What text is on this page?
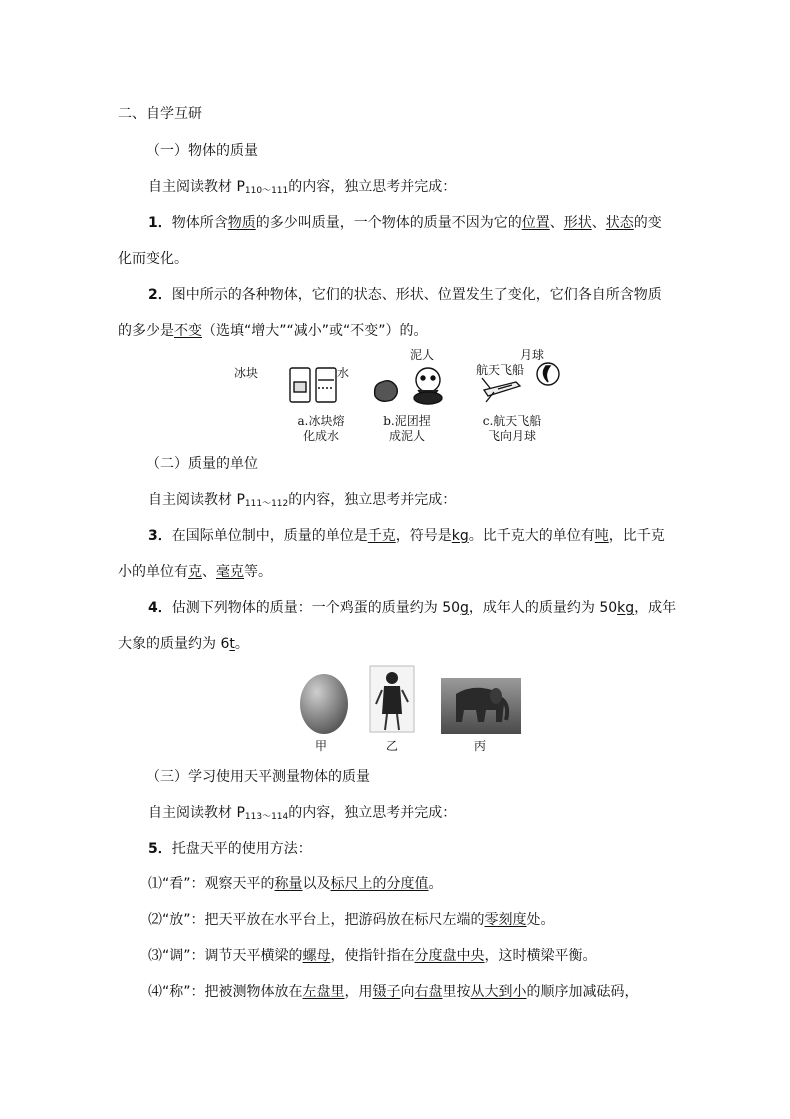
二、自学互研
（一）物体的质量
自主阅读教材 $P_{110\sim 111}$的内容，独立思考并完成：
1．物体所含物质的多少叫质量，一个物体的质量不因为它的位置、形状、状态的变
化而变化。
2．图中所示的各种物体，它们的状态、形状、位置发生了变化，它们各自所含物质
的多少是不变（选填“增大”“减小”或“不变”）的。
冰块	水
泥人	月球
航天飞船
a.冰块熔
化成水
b.泥团捏
成泥人
c.航天飞船
飞向月球
（二）质量的单位
自主阅读教材 $P_{111\sim 112}$的内容，独立思考并完成：
3．在国际单位制中，质量的单位是千克，符号是kg。比千克大的单位有吨，比千克
小的单位有克、毫克等。
4．估测下列物体的质量：一个鸡蛋的质量约为 50g，成年人的质量约为 50kg，成年
大象的质量约为 6t。
甲	乙	丙
（三）学习使用天平测量物体的质量
自主阅读教材 $P_{113\sim 114}$的内容，独立思考并完成：
5．托盘天平的使用方法：
⑴“看”：观察天平的称量以及标尺上的分度值。
⑵“放”：把天平放在水平台上，把游码放在标尺左端的零刻度处。
⑶“调”：调节天平横梁的螺母，使指针指在分度盘中央，这时横梁平衡。
⑷“称”：把被测物体放在左盘里，用镊子向右盘里按从大到小的顺序加减砝码，
